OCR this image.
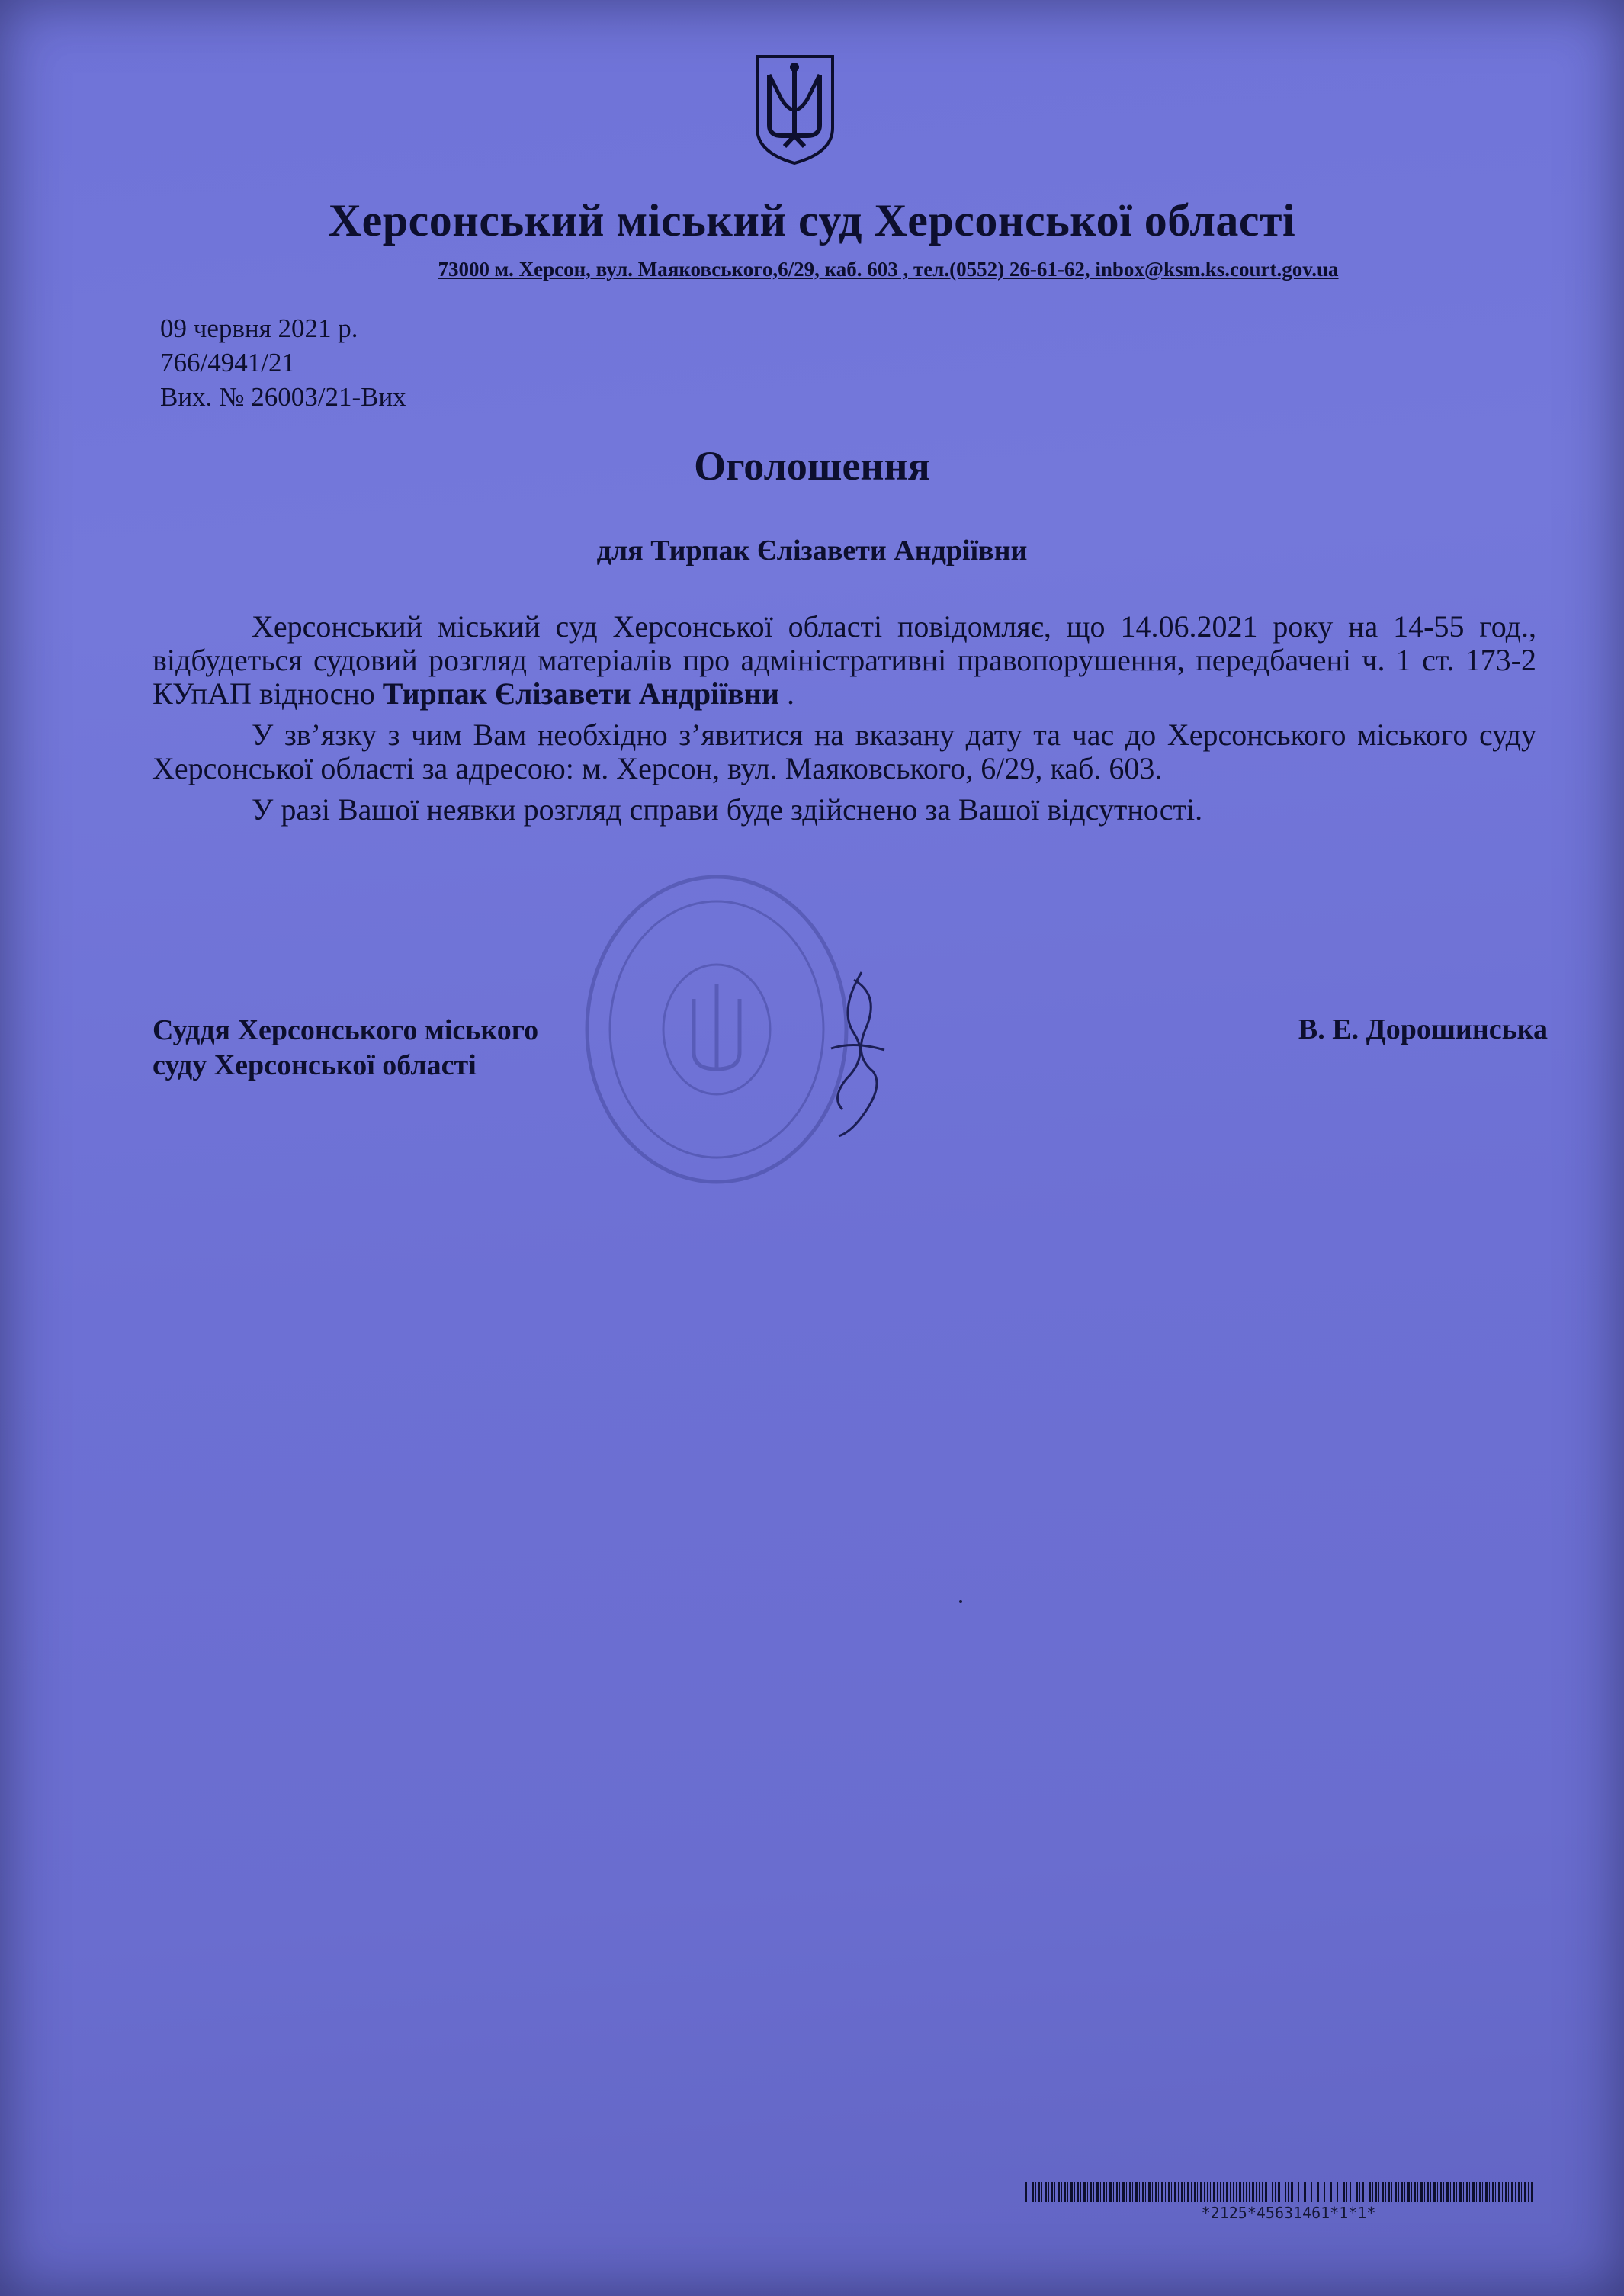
Херсонський міський суд Херсонської області
73000 м. Херсон, вул. Маяковського,6/29, каб. 603 , тел.(0552) 26-61-62, inbox@ksm.ks.court.gov.ua
09 червня 2021 р.
766/4941/21
Вих. № 26003/21-Вих
Оголошення
для Тирпак Єлізавети Андріївни

Херсонський міський суд Херсонської області повідомляє, що 14.06.2021 року на 14-55 год., відбудеться судовий розгляд матеріалів про адміністративні правопорушення, передбачені ч. 1 ст. 173-2 КУпАП відносно Тирпак Єлізавети Андріївни .

У зв’язку з чим Вам необхідно з’явитися на вказану дату та час до Херсонського міського суду Херсонської області за адресою: м. Херсон, вул. Маяковського, 6/29, каб. 603.

У разі Вашої неявки розгляд справи буде здійснено за Вашої відсутності.

Суддя Херсонського міського
суду Херсонської області
В. Е. Дорошинська
*2125*45631461*1*1*
